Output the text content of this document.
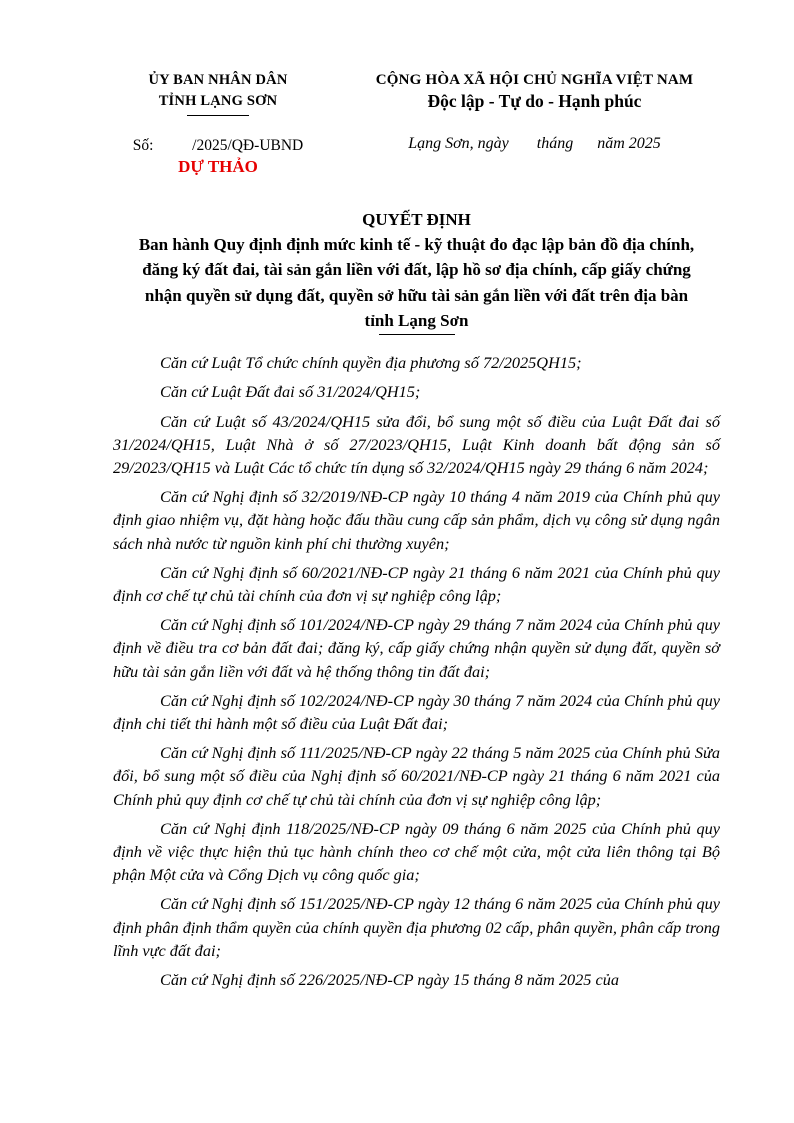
ỦY BAN NHÂN DÂN
TỈNH LẠNG SƠN
Số:          /2025/QĐ-UBND
DỰ THẢO
CỘNG HÒA XÃ HỘI CHỦ NGHĨA VIỆT NAM
Độc lập - Tự do - Hạnh phúc
Lạng Sơn, ngày       tháng      năm 2025
QUYẾT ĐỊNH
Ban hành Quy định định mức kinh tế - kỹ thuật đo đạc lập bản đồ địa chính,
đăng ký đất đai, tài sản gắn liền với đất, lập hồ sơ địa chính, cấp giấy chứng
nhận quyền sử dụng đất, quyền sở hữu tài sản gắn liền với đất trên địa bàn
tỉnh Lạng Sơn

Căn cứ Luật Tổ chức chính quyền địa phương số 72/2025QH15;

Căn cứ Luật Đất đai số 31/2024/QH15;

Căn cứ Luật số 43/2024/QH15 sửa đổi, bổ sung một số điều của Luật Đất đai số 31/2024/QH15, Luật Nhà ở số 27/2023/QH15, Luật Kinh doanh bất động sản số 29/2023/QH15 và Luật Các tổ chức tín dụng số 32/2024/QH15 ngày 29 tháng 6 năm 2024;

Căn cứ Nghị định số 32/2019/NĐ-CP ngày 10 tháng 4 năm 2019 của Chính phủ quy định giao nhiệm vụ, đặt hàng hoặc đấu thầu cung cấp sản phẩm, dịch vụ công sử dụng ngân sách nhà nước từ nguồn kinh phí chi thường xuyên;

Căn cứ Nghị định số 60/2021/NĐ-CP ngày 21 tháng 6 năm 2021 của Chính phủ quy định cơ chế tự chủ tài chính của đơn vị sự nghiệp công lập;

Căn cứ Nghị định số 101/2024/NĐ-CP ngày 29 tháng 7 năm 2024 của Chính phủ quy định về điều tra cơ bản đất đai; đăng ký, cấp giấy chứng nhận quyền sử dụng đất, quyền sở hữu tài sản gắn liền với đất và hệ thống thông tin đất đai;

Căn cứ Nghị định số 102/2024/NĐ-CP ngày 30 tháng 7 năm 2024 của Chính phủ quy định chi tiết thi hành một số điều của Luật Đất đai;

Căn cứ Nghị định số 111/2025/NĐ-CP ngày 22 tháng 5 năm 2025 của Chính phủ Sửa đổi, bổ sung một số điều của Nghị định số 60/2021/NĐ-CP ngày 21 tháng 6 năm 2021 của Chính phủ quy định cơ chế tự chủ tài chính của đơn vị sự nghiệp công lập;

Căn cứ Nghị định 118/2025/NĐ-CP ngày 09 tháng 6 năm 2025 của Chính phủ quy định về việc thực hiện thủ tục hành chính theo cơ chế một cửa, một cửa liên thông tại Bộ phận Một cửa và Cổng Dịch vụ công quốc gia;

Căn cứ Nghị định số 151/2025/NĐ-CP ngày 12 tháng 6 năm 2025 của Chính phủ quy định phân định thẩm quyền của chính quyền địa phương 02 cấp, phân quyền, phân cấp trong lĩnh vực đất đai;

Căn cứ Nghị định số 226/2025/NĐ-CP ngày 15 tháng 8 năm 2025 của
